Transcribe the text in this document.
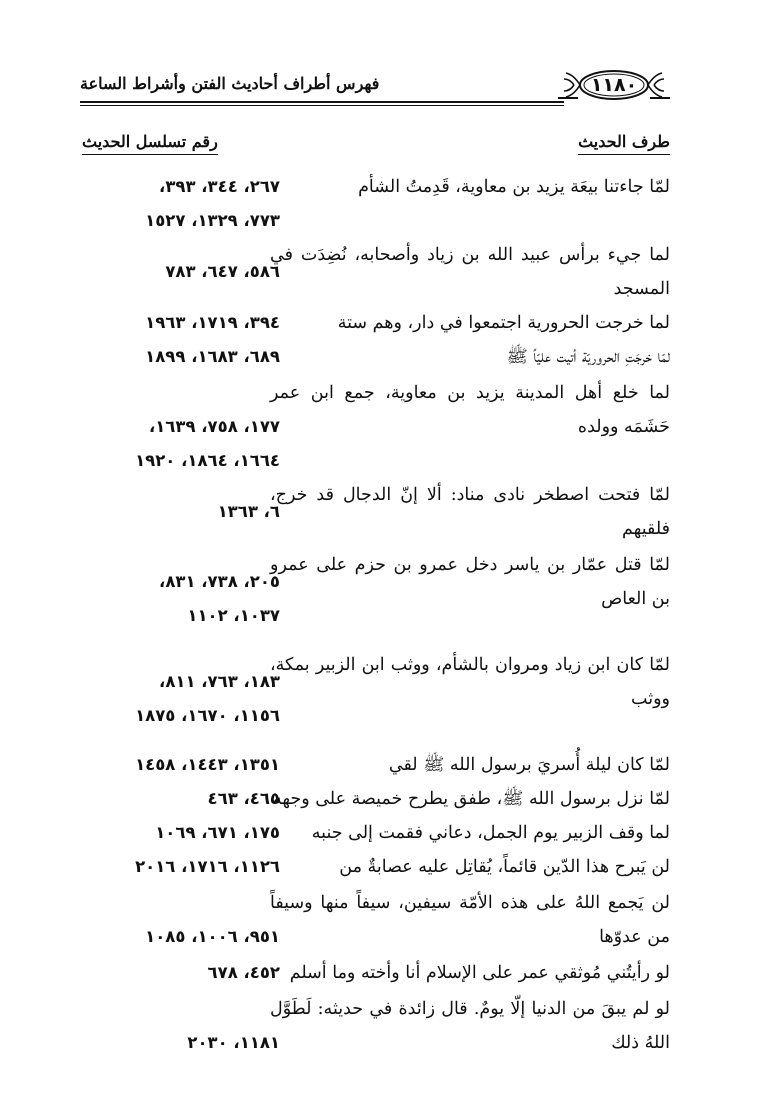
١١٨٠
فهرس أطراف أحاديث الفتن وأشراط الساعة
طرف الحديث
رقم تسلسل الحديث
لمّا جاءتنا بيعَة يزيد بن معاوية، قَدِمتُ الشأم
٢٦٧، ٣٤٤، ٣٩٣،
٧٧٣، ١٣٢٩، ١٥٢٧
لما جيء برأس عبيد الله بن زياد وأصحابه، نُضِدَت في المسجد
٥٨٦، ٦٤٧، ٧٨٣
لما خرجت الحرورية اجتمعوا في دار، وهم ستة
٣٩٤، ١٧١٩، ١٩٦٣
لمّا خرجَتِ الحروريّة أتيت عليّاً ﷺ
٦٨٩، ١٦٨٣، ١٨٩٩
لما خلع أهل المدينة يزيد بن معاوية، جمع ابن عمر حَشَمَه وولده
١٧٧، ٧٥٨، ١٦٣٩،
١٦٦٤، ١٨٦٤، ١٩٢٠
لمّا فتحت اصطخر نادى مناد: ألا إنّ الدجال قد خرج، فلقيهم
٦، ١٣٦٣
لمّا قتل عمّار بن ياسر دخل عمرو بن حزم على عمرو بن العاص
٢٠٥، ٧٣٨، ٨٣١،
١٠٣٧، ١١٠٢
لمّا كان ابن زياد ومروان بالشأم، ووثب ابن الزبير بمكة، ووثب
١٨٣، ٧٦٣، ٨١١،
١١٥٦، ١٦٧٠، ١٨٧٥
لمّا كان ليلة أُسريَ برسول الله ﷺ لقي
١٣٥١، ١٤٤٣، ١٤٥٨
لمّا نزل برسول الله ﷺ، طفق يطرح خميصة على وجهه
٤٦٥، ٤٦٣
لما وقف الزبير يوم الجمل، دعاني فقمت إلى جنبه
١٧٥، ٦٧١، ١٠٦٩
لن يَبرح هذا الدّين قائماً، يُقاتِل عليه عصابةٌ من
١١٢٦، ١٧١٦، ٢٠١٦
لن يَجمع اللهُ على هذه الأمّة سيفين، سيفاً منها وسيفاً من عدوّها
٩٥١، ١٠٠٦، ١٠٨٥
لو رأيتُني مُوثقي عمر على الإسلام أنا وأخته وما أسلم
٤٥٢، ٦٧٨
لو لم يبقَ من الدنيا إلّا يومٌ. قال زائدة في حديثه: لَطَوَّل اللهُ ذلك
١١٨١، ٢٠٣٠
